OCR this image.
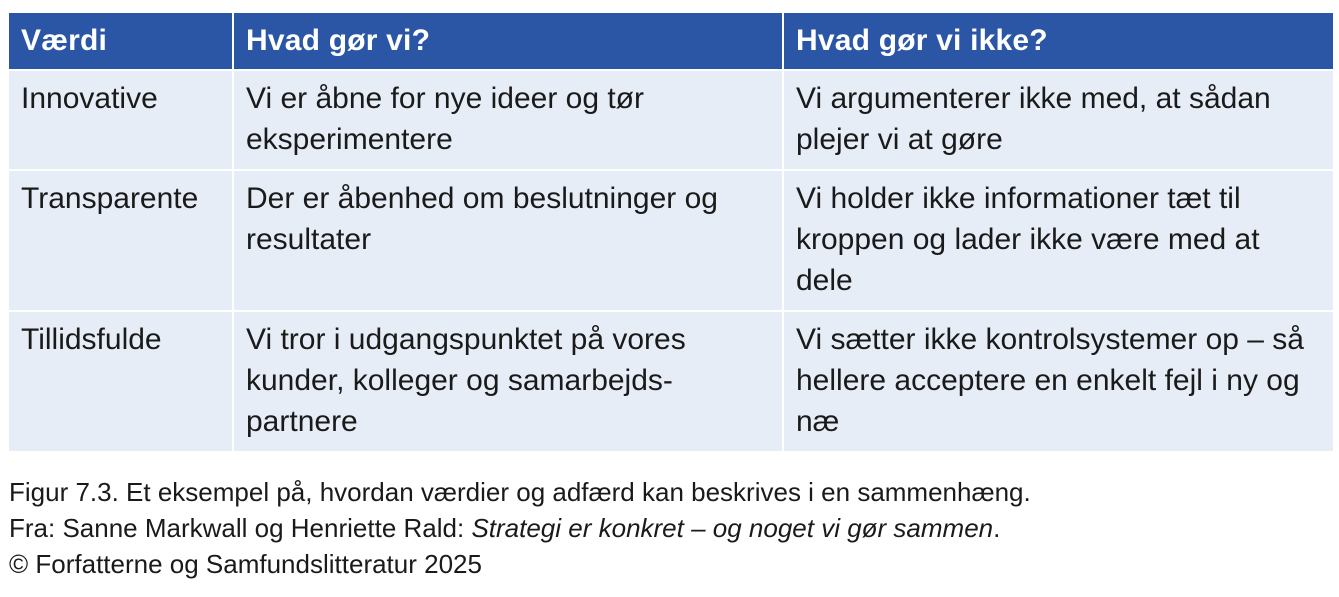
Værdi	Hvad gør vi?	Hvad gør vi ikke?
Innovative	Vi er åbne for nye ideer og tør eksperimentere	Vi argumenterer ikke med, at sådan plejer vi at gøre
Transparente	Der er åbenhed om beslutninger og resultater	Vi holder ikke informationer tæt til kroppen og lader ikke være med at dele
Tillidsfulde	Vi tror i udgangspunktet på vores kunder, kolleger og samarbejds-partnere	Vi sætter ikke kontrolsystemer op – så hellere acceptere en enkelt fejl i ny og næ

Figur 7.3. Et eksempel på, hvordan værdier og adfærd kan beskrives i en sammenhæng.

Fra: Sanne Markwall og Henriette Rald: Strategi er konkret – og noget vi gør sammen.

© Forfatterne og Samfundslitteratur 2025
